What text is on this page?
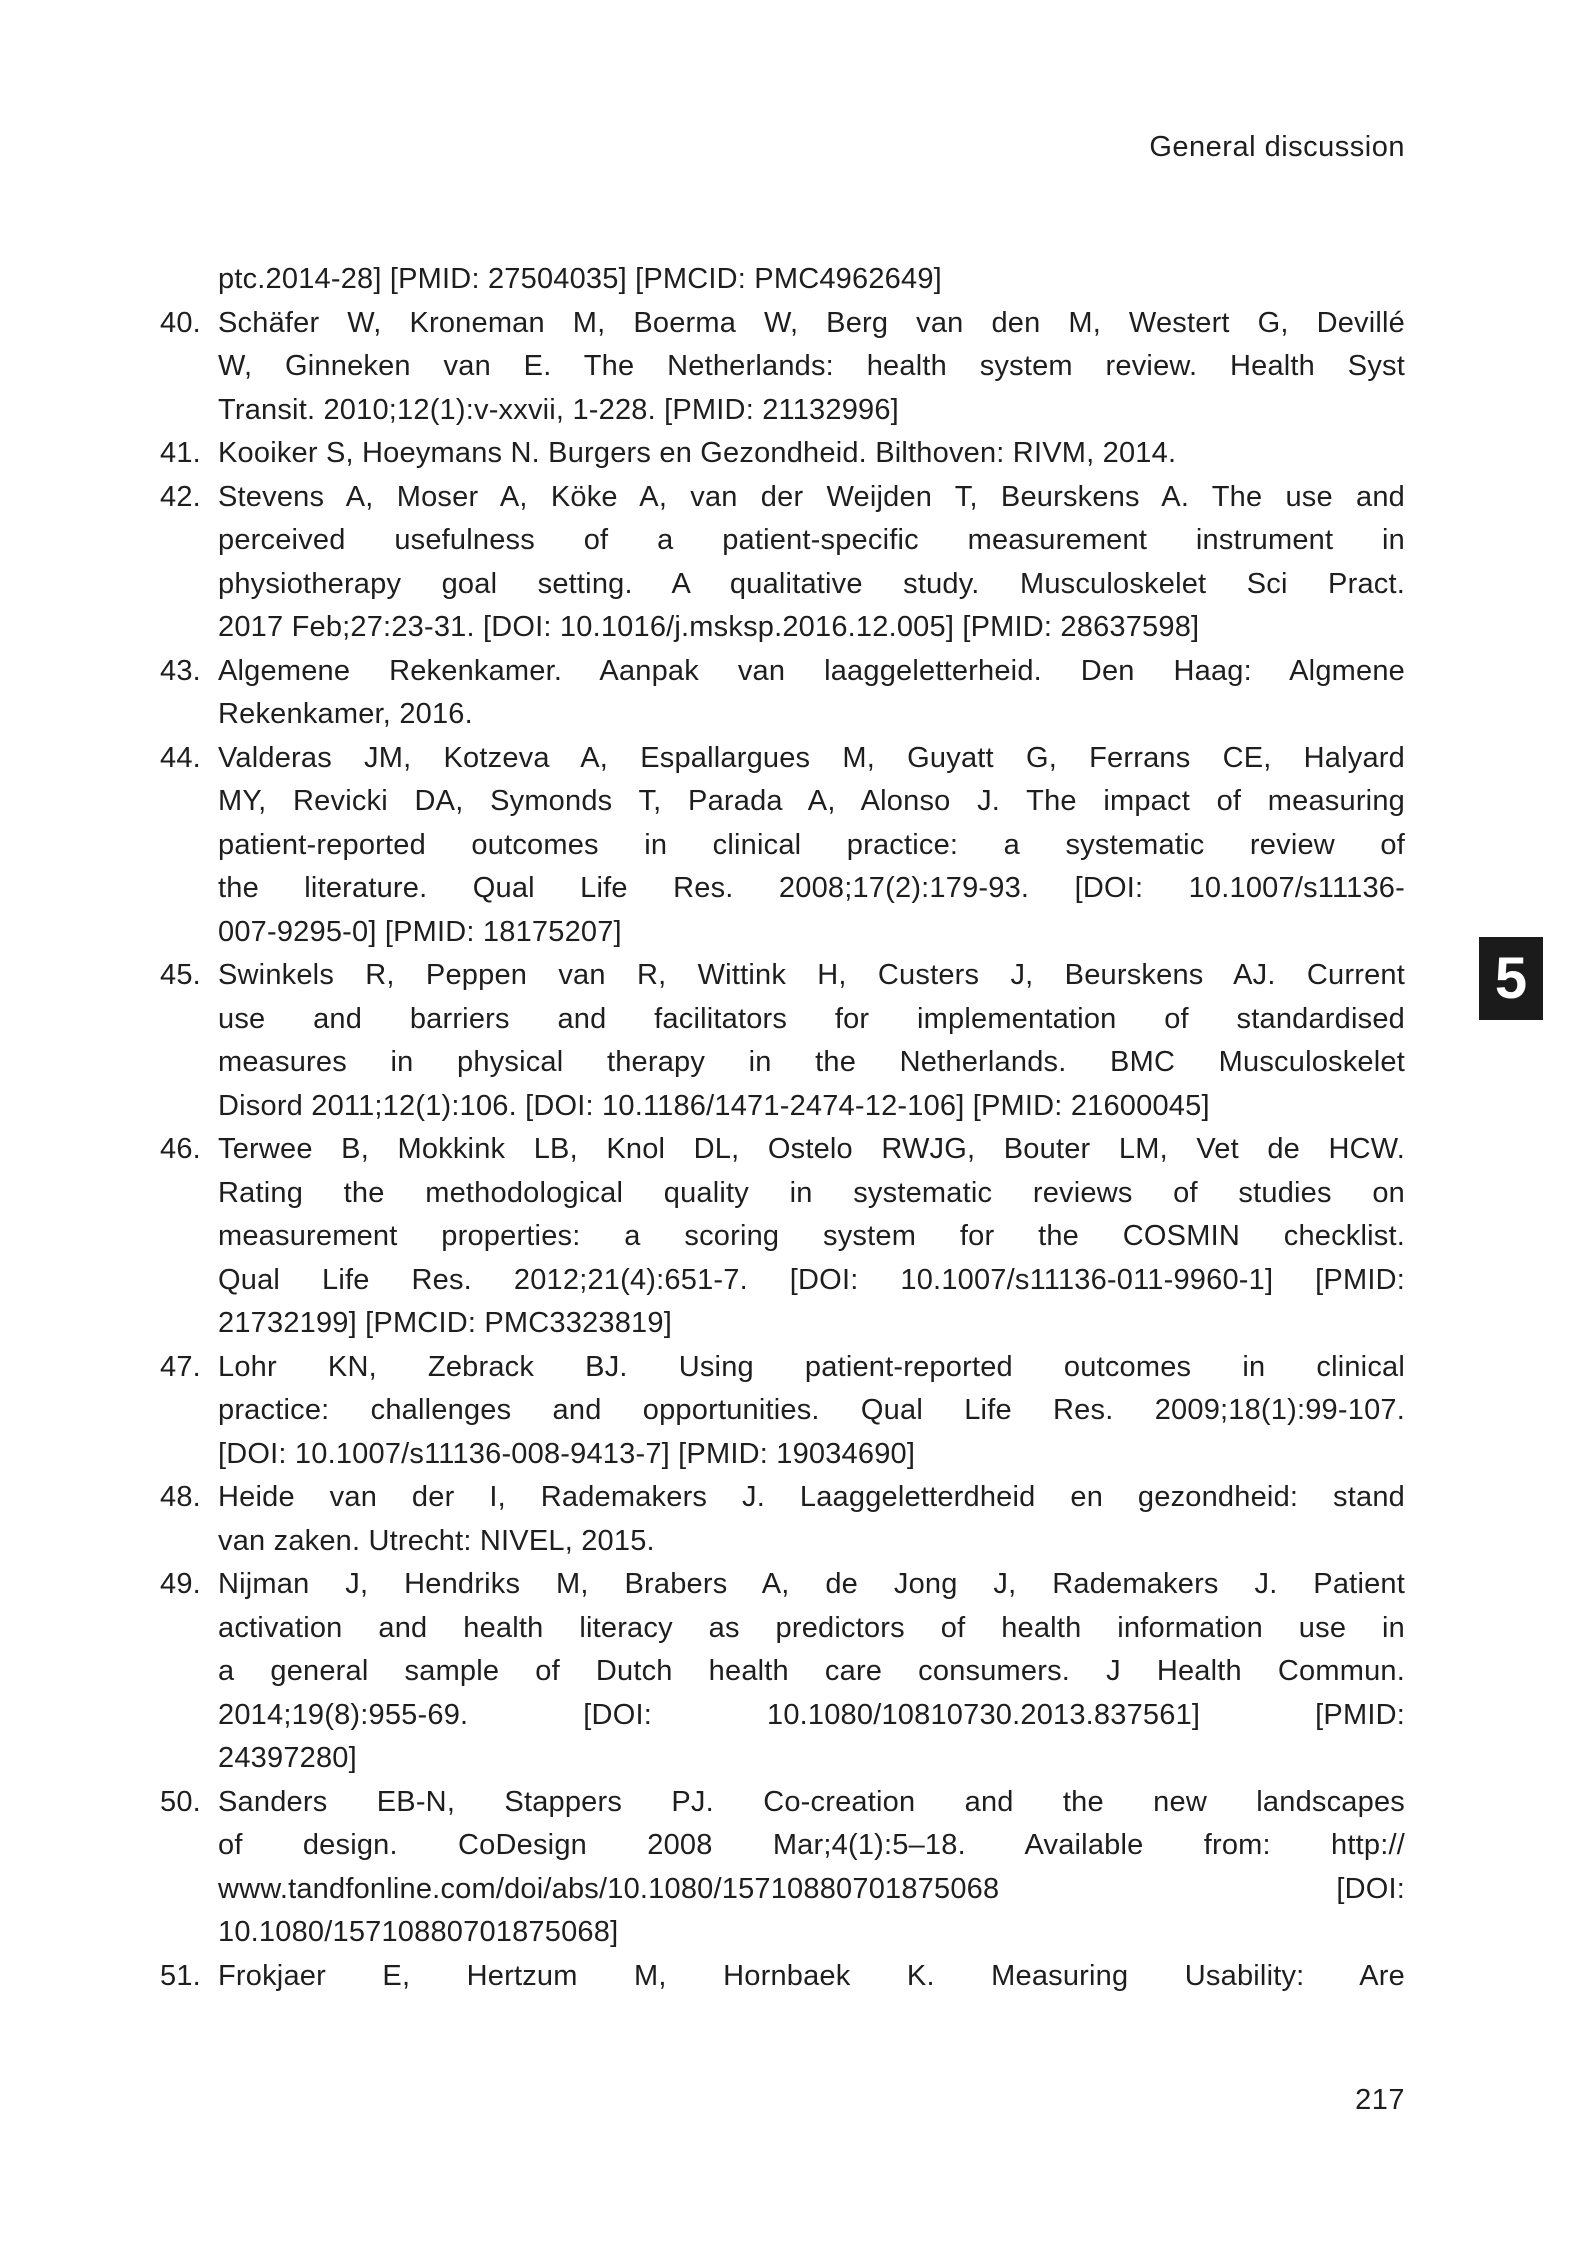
General discussion
ptc.2014-28] [PMID: 27504035] [PMCID: PMC4962649]
40. Schäfer W, Kroneman M, Boerma W, Berg van den M, Westert G, Devillé
W, Ginneken van E. The Netherlands: health system review. Health Syst
Transit. 2010;12(1):v-xxvii, 1-228. [PMID: 21132996]
41. Kooiker S, Hoeymans N. Burgers en Gezondheid. Bilthoven: RIVM, 2014.
42. Stevens A, Moser A, Köke A, van der Weijden T, Beurskens A. The use and
perceived usefulness of a patient-specific measurement instrument in
physiotherapy goal setting. A qualitative study. Musculoskelet Sci Pract.
2017 Feb;27:23-31. [DOI: 10.1016/j.msksp.2016.12.005] [PMID: 28637598]
43. Algemene Rekenkamer. Aanpak van laaggeletterheid. Den Haag: Algmene
Rekenkamer, 2016.
44. Valderas JM, Kotzeva A, Espallargues M, Guyatt G, Ferrans CE, Halyard
MY, Revicki DA, Symonds T, Parada A, Alonso J. The impact of measuring
patient-reported outcomes in clinical practice: a systematic review of
the literature. Qual Life Res. 2008;17(2):179-93. [DOI: 10.1007/s11136-
007-9295-0] [PMID: 18175207]
45. Swinkels R, Peppen van R, Wittink H, Custers J, Beurskens AJ. Current
use and barriers and facilitators for implementation of standardised
measures in physical therapy in the Netherlands. BMC Musculoskelet
Disord 2011;12(1):106. [DOI: 10.1186/1471-2474-12-106] [PMID: 21600045]
46. Terwee B, Mokkink LB, Knol DL, Ostelo RWJG, Bouter LM, Vet de HCW.
Rating the methodological quality in systematic reviews of studies on
measurement properties: a scoring system for the COSMIN checklist.
Qual Life Res. 2012;21(4):651-7. [DOI: 10.1007/s11136-011-9960-1] [PMID:
21732199] [PMCID: PMC3323819]
47. Lohr KN, Zebrack BJ. Using patient-reported outcomes in clinical
practice: challenges and opportunities. Qual Life Res. 2009;18(1):99-107.
[DOI: 10.1007/s11136-008-9413-7] [PMID: 19034690]
48. Heide van der I, Rademakers J. Laaggeletterdheid en gezondheid: stand
van zaken. Utrecht: NIVEL, 2015.
49. Nijman J, Hendriks M, Brabers A, de Jong J, Rademakers J. Patient
activation and health literacy as predictors of health information use in
a general sample of Dutch health care consumers. J Health Commun.
2014;19(8):955-69. [DOI: 10.1080/10810730.2013.837561] [PMID:
24397280]
50. Sanders EB-N, Stappers PJ. Co-creation and the new landscapes
of design. CoDesign 2008 Mar;4(1):5–18. Available from: http://
www.tandfonline.com/doi/abs/10.1080/15710880701875068 [DOI:
10.1080/15710880701875068]
51. Frokjaer E, Hertzum M, Hornbaek K. Measuring Usability: Are
5
217
